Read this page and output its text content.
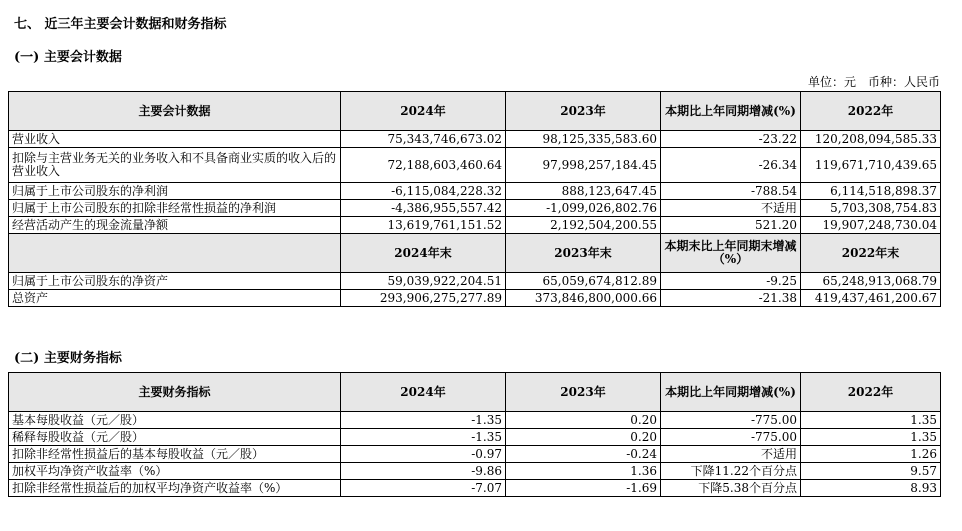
七、 近三年主要会计数据和财务指标
(一) 主要会计数据
单位：元　币种：人民币
主要会计数据	2024年	2023年	本期比上年同期增减(%)	2022年
营业收入	75,343,746,673.02	98,125,335,583.60	-23.22	120,208,094,585.33
扣除与主营业务无关的业务收入和不具备商业实质的收入后的营业收入	72,188,603,460.64	97,998,257,184.45	-26.34	119,671,710,439.65
归属于上市公司股东的净利润	-6,115,084,228.32	888,123,647.45	-788.54	6,114,518,898.37
归属于上市公司股东的扣除非经常性损益的净利润	-4,386,955,557.42	-1,099,026,802.76	不适用	5,703,308,754.83
经营活动产生的现金流量净额	13,619,761,151.52	2,192,504,200.55	521.20	19,907,248,730.04
	2024年末	2023年末	本期末比上年同期末增减（%）	2022年末
归属于上市公司股东的净资产	59,039,922,204.51	65,059,674,812.89	-9.25	65,248,913,068.79
总资产	293,906,275,277.89	373,846,800,000.66	-21.38	419,437,461,200.67
(二) 主要财务指标
主要财务指标	2024年	2023年	本期比上年同期增减(%)	2022年
基本每股收益（元／股）	-1.35	0.20	-775.00	1.35
稀释每股收益（元／股）	-1.35	0.20	-775.00	1.35
扣除非经常性损益后的基本每股收益（元／股）	-0.97	-0.24	不适用	1.26
加权平均净资产收益率（%）	-9.86	1.36	下降11.22个百分点	9.57
扣除非经常性损益后的加权平均净资产收益率（%）	-7.07	-1.69	下降5.38个百分点	8.93
